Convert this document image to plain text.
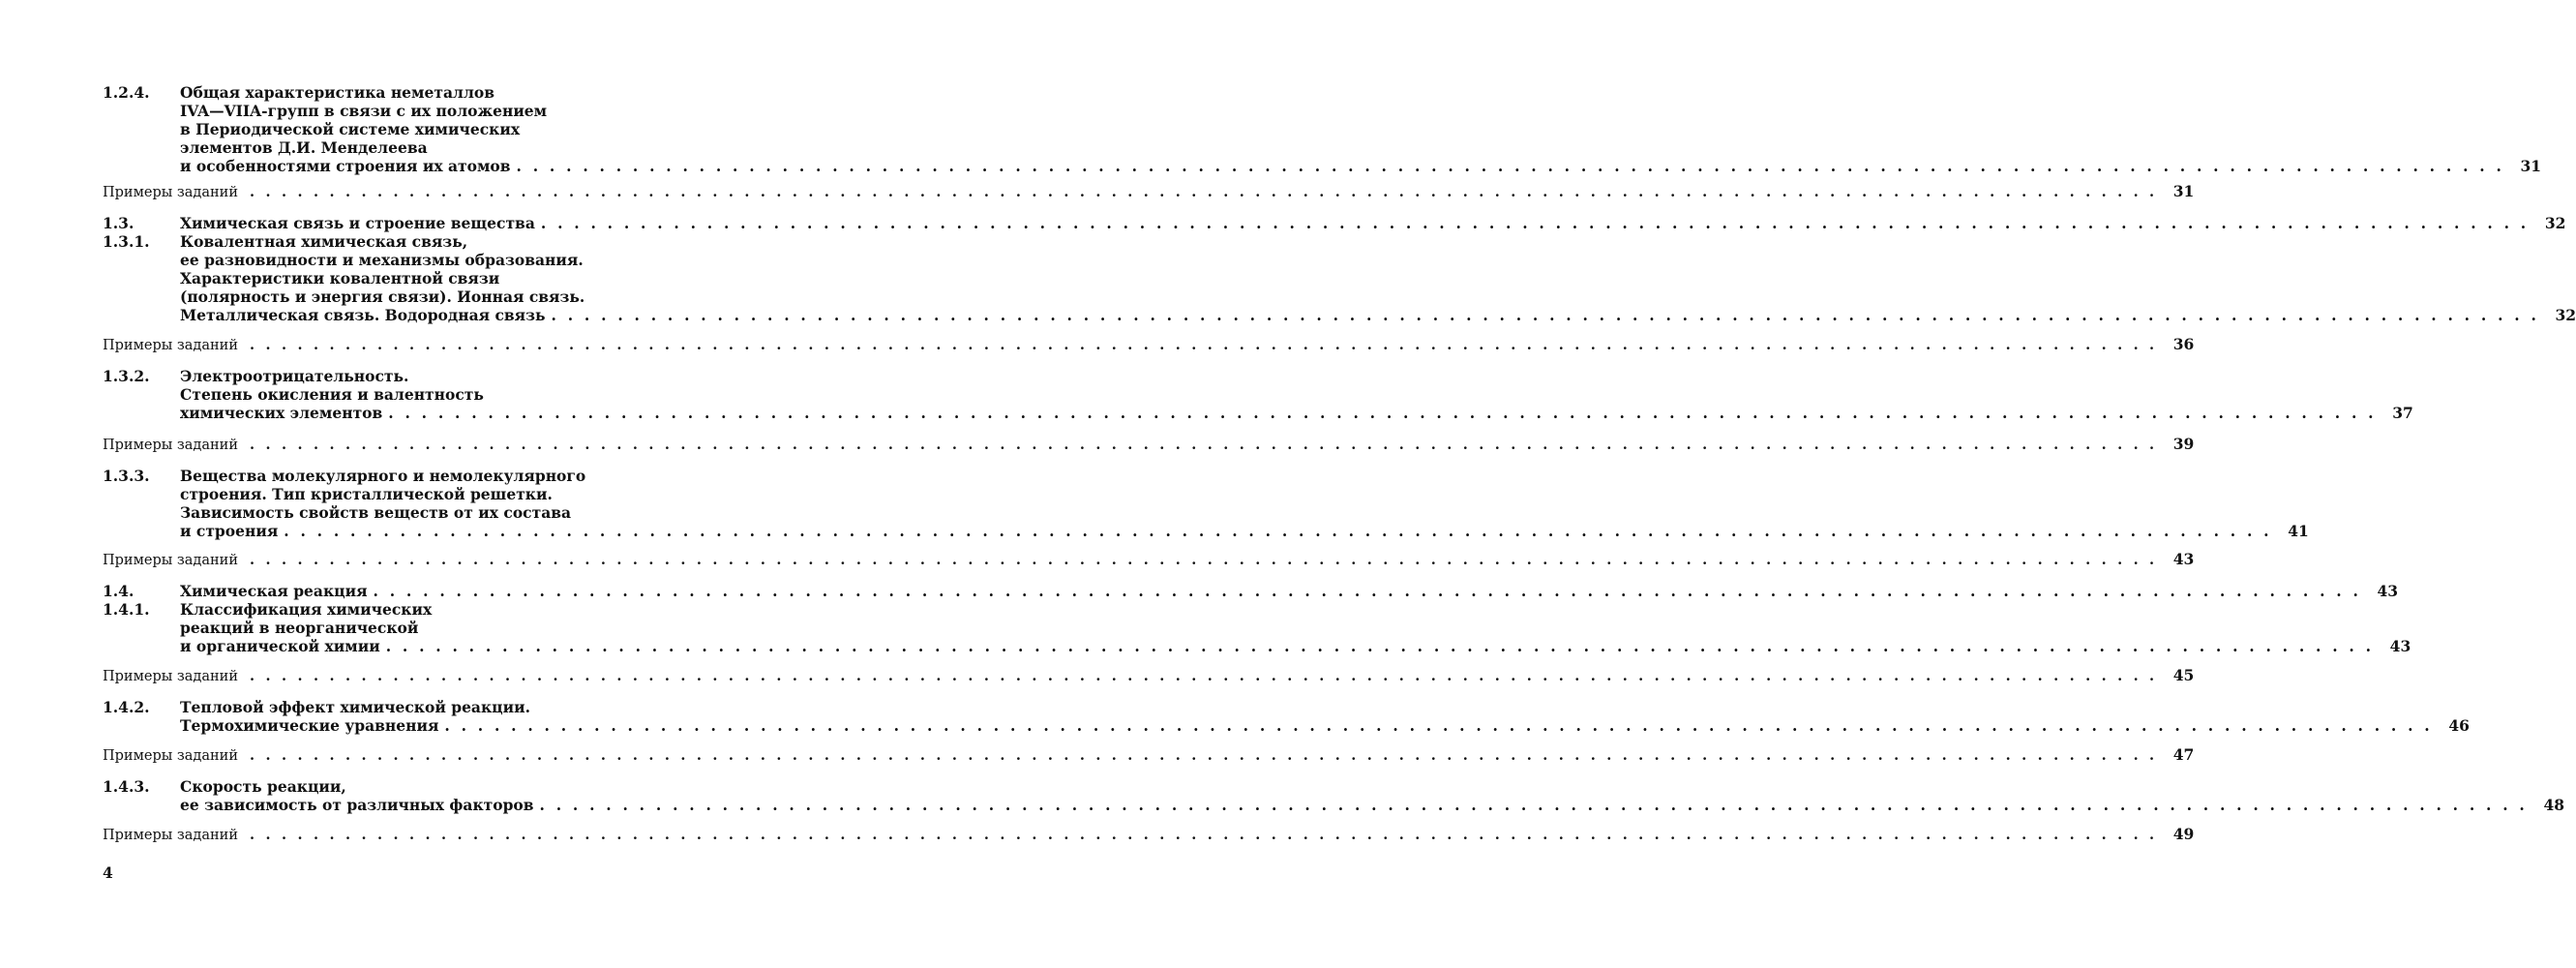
1.2.4. Общая характеристика неметаллов
IVA—VIIA-групп в связи с их положением
в Периодической системе химических
элементов Д.И. Менделеева
и особенностями строения их атомов . . . . . . . . . . . . . . . . . . . . . . . . . . . . . . . . . . . . . . . . . . . . . . . . . . . . . . . . . . . . . . . . . . . . . . . . . . . . . . . . . . . . . . . . . . . . . . . . . . . . . . . . . . . . . . . . . . . . . . . .	31
Примеры заданий . . . . . . . . . . . . . . . . . . . . . . . . . . . . . . . . . . . . . . . . . . . . . . . . . . . . . . . . . . . . . . . . . . . . . . . . . . . . . . . . . . . . . . . . . . . . . . . . . . . . . . . . . . . . . . . . . . . . . . . .	31
1.3.	Химическая связь и строение вещества . . . . . . . . . . . . . . . . . . . . . . . . . . . . . . . . . . . . . . . . . . . . . . . . . . . . . . . . . . . . . . . . . . . . . . . . . . . . . . . . . . . . . . . . . . . . . . . . . . . . . . . . . . . . . . . . . . . . . . . .	32
1.3.1. Ковалентная химическая связь,
ее разновидности и механизмы образования.
Характеристики ковалентной связи
(полярность и энергия связи). Ионная связь.
Металлическая связь. Водородная связь . . . . . . . . . . . . . . . . . . . . . . . . . . . . . . . . . . . . . . . . . . . . . . . . . . . . . . . . . . . . . . . . . . . . . . . . . . . . . . . . . . . . . . . . . . . . . . . . . . . . . . . . . . . . . . . . . . . . . . . .	32
Примеры заданий . . . . . . . . . . . . . . . . . . . . . . . . . . . . . . . . . . . . . . . . . . . . . . . . . . . . . . . . . . . . . . . . . . . . . . . . . . . . . . . . . . . . . . . . . . . . . . . . . . . . . . . . . . . . . . . . . . . . . . . .	36
1.3.2. Электроотрицательность.
Степень окисления и валентность
химических элементов . . . . . . . . . . . . . . . . . . . . . . . . . . . . . . . . . . . . . . . . . . . . . . . . . . . . . . . . . . . . . . . . . . . . . . . . . . . . . . . . . . . . . . . . . . . . . . . . . . . . . . . . . . . . . . . . . . . . . . . .	37
Примеры заданий . . . . . . . . . . . . . . . . . . . . . . . . . . . . . . . . . . . . . . . . . . . . . . . . . . . . . . . . . . . . . . . . . . . . . . . . . . . . . . . . . . . . . . . . . . . . . . . . . . . . . . . . . . . . . . . . . . . . . . . .	39
1.3.3. Вещества молекулярного и немолекулярного
строения. Тип кристаллической решетки.
Зависимость свойств веществ от их состава
и строения . . . . . . . . . . . . . . . . . . . . . . . . . . . . . . . . . . . . . . . . . . . . . . . . . . . . . . . . . . . . . . . . . . . . . . . . . . . . . . . . . . . . . . . . . . . . . . . . . . . . . . . . . . . . . . . . . . . . . . . .	41
Примеры заданий . . . . . . . . . . . . . . . . . . . . . . . . . . . . . . . . . . . . . . . . . . . . . . . . . . . . . . . . . . . . . . . . . . . . . . . . . . . . . . . . . . . . . . . . . . . . . . . . . . . . . . . . . . . . . . . . . . . . . . . .	43
1.4.	Химическая реакция . . . . . . . . . . . . . . . . . . . . . . . . . . . . . . . . . . . . . . . . . . . . . . . . . . . . . . . . . . . . . . . . . . . . . . . . . . . . . . . . . . . . . . . . . . . . . . . . . . . . . . . . . . . . . . . . . . . . . . . .	43
1.4.1. Классификация химических
реакций в неорганической
и органической химии . . . . . . . . . . . . . . . . . . . . . . . . . . . . . . . . . . . . . . . . . . . . . . . . . . . . . . . . . . . . . . . . . . . . . . . . . . . . . . . . . . . . . . . . . . . . . . . . . . . . . . . . . . . . . . . . . . . . . . . .	43
Примеры заданий . . . . . . . . . . . . . . . . . . . . . . . . . . . . . . . . . . . . . . . . . . . . . . . . . . . . . . . . . . . . . . . . . . . . . . . . . . . . . . . . . . . . . . . . . . . . . . . . . . . . . . . . . . . . . . . . . . . . . . . .	45
1.4.2. Тепловой эффект химической реакции.
Термохимические уравнения . . . . . . . . . . . . . . . . . . . . . . . . . . . . . . . . . . . . . . . . . . . . . . . . . . . . . . . . . . . . . . . . . . . . . . . . . . . . . . . . . . . . . . . . . . . . . . . . . . . . . . . . . . . . . . . . . . . . . . . .	46
Примеры заданий . . . . . . . . . . . . . . . . . . . . . . . . . . . . . . . . . . . . . . . . . . . . . . . . . . . . . . . . . . . . . . . . . . . . . . . . . . . . . . . . . . . . . . . . . . . . . . . . . . . . . . . . . . . . . . . . . . . . . . . .	47
1.4.3. Скорость реакции,
ее зависимость от различных факторов . . . . . . . . . . . . . . . . . . . . . . . . . . . . . . . . . . . . . . . . . . . . . . . . . . . . . . . . . . . . . . . . . . . . . . . . . . . . . . . . . . . . . . . . . . . . . . . . . . . . . . . . . . . . . . . . . . . . . . . .	48
Примеры заданий . . . . . . . . . . . . . . . . . . . . . . . . . . . . . . . . . . . . . . . . . . . . . . . . . . . . . . . . . . . . . . . . . . . . . . . . . . . . . . . . . . . . . . . . . . . . . . . . . . . . . . . . . . . . . . . . . . . . . . . .	49
4
